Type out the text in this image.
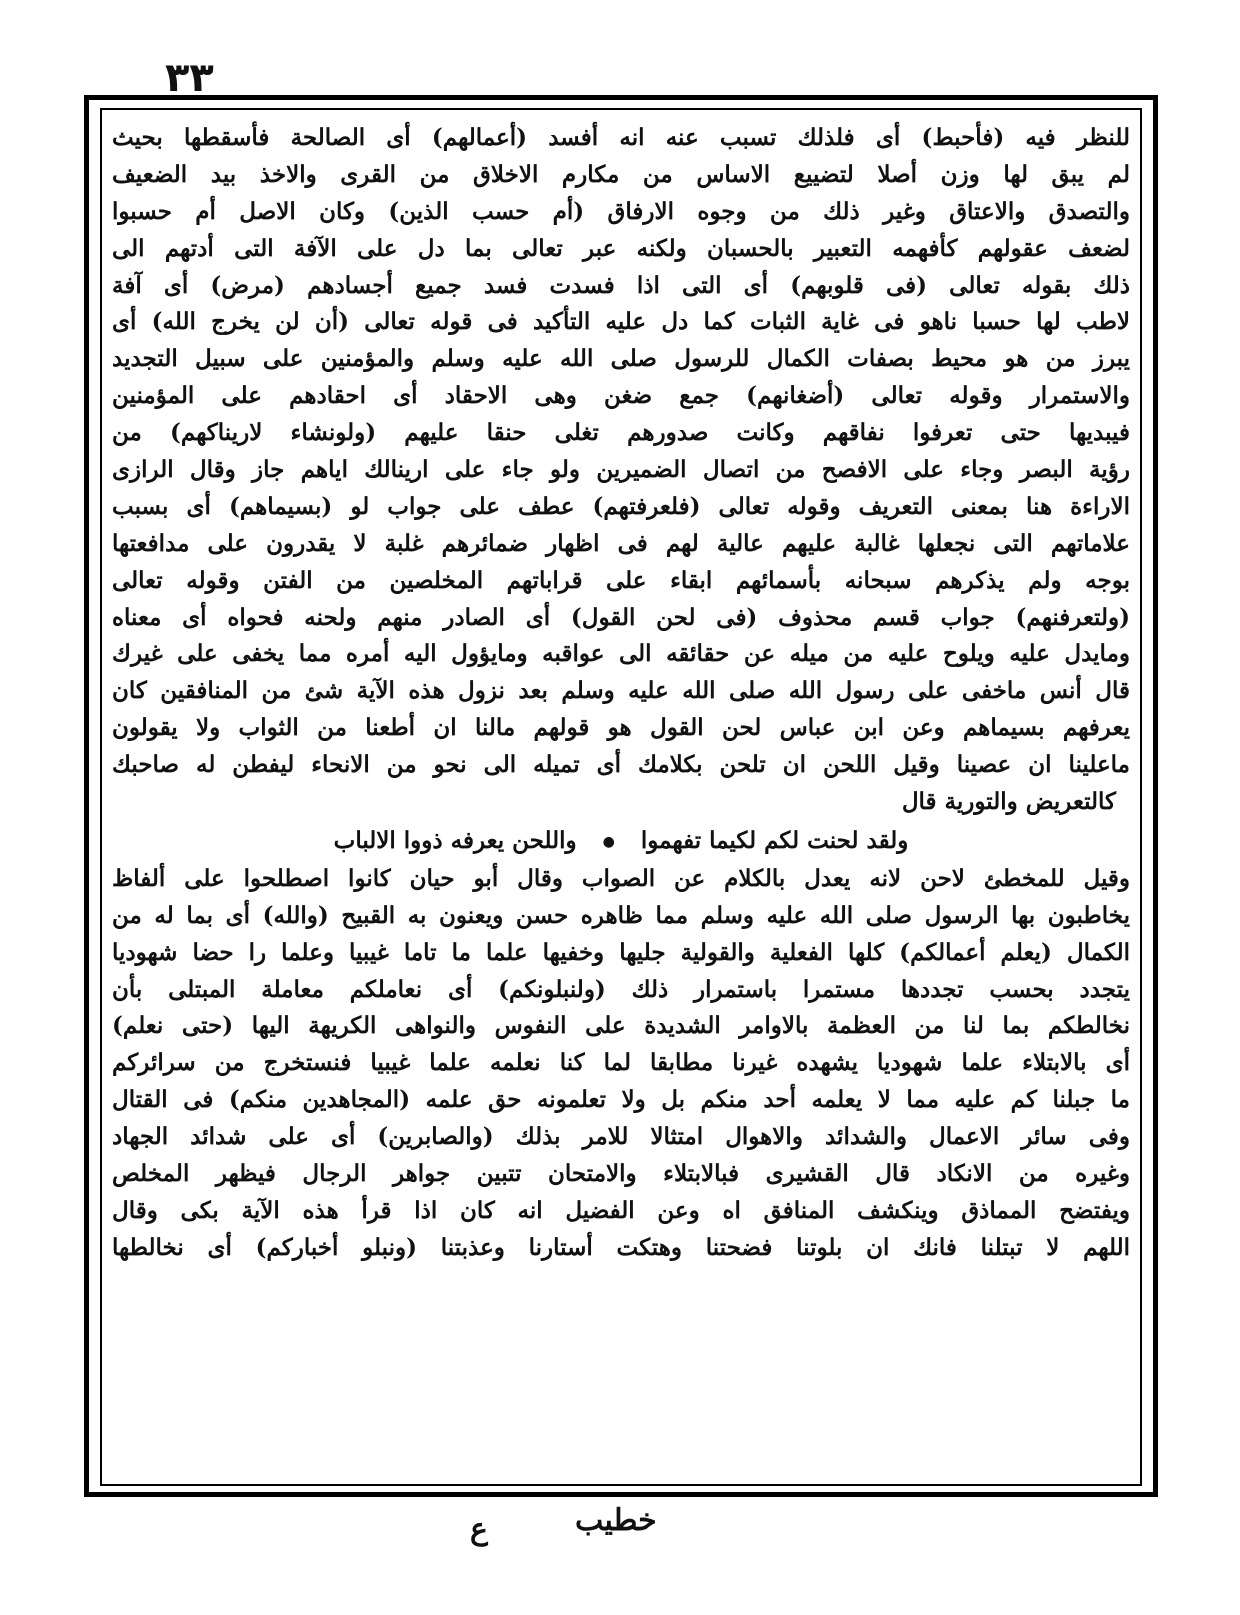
٣٣
للنظر فيه (فأحبط) أى فلذلك تسبب عنه انه أفسد (أعمالهم) أى الصالحة فأسقطها بحيث
لم يبق لها وزن أصلا لتضييع الاساس من مكارم الاخلاق من القرى والاخذ بيد الضعيف
والتصدق والاعتاق وغير ذلك من وجوه الارفاق (أم حسب الذين) وكان الاصل أم حسبوا
لضعف عقولهم كأفهمه التعبير بالحسبان ولكنه عبر تعالى بما دل على الآفة التى أدتهم الى
ذلك بقوله تعالى (فى قلوبهم) أى التى اذا فسدت فسد جميع أجسادهم (مرض) أى آفة
لاطب لها حسبا ناهو فى غاية الثبات كما دل عليه التأكيد فى قوله تعالى (أن لن يخرج الله) أى
يبرز من هو محيط بصفات الكمال للرسول صلى الله عليه وسلم والمؤمنين على سبيل التجديد
والاستمرار وقوله تعالى (أضغانهم) جمع ضغن وهى الاحقاد أى احقادهم على المؤمنين
فيبديها حتى تعرفوا نفاقهم وكانت صدورهم تغلى حنقا عليهم (ولونشاء لاريناكهم) من
رؤية البصر وجاء على الافصح من اتصال الضميرين ولو جاء على ارينالك اياهم جاز وقال الرازى
الاراءة هنا بمعنى التعريف وقوله تعالى (فلعرفتهم) عطف على جواب لو (بسيماهم) أى بسبب
علاماتهم التى نجعلها غالبة عليهم عالية لهم فى اظهار ضمائرهم غلبة لا يقدرون على مدافعتها
بوجه ولم يذكرهم سبحانه بأسمائهم ابقاء على قراباتهم المخلصين من الفتن وقوله تعالى
(ولتعرفنهم) جواب قسم محذوف (فى لحن القول) أى الصادر منهم ولحنه فحواه أى معناه
ومايدل عليه ويلوح عليه من ميله عن حقائقه الى عواقبه ومايؤول اليه أمره مما يخفى على غيرك
قال أنس ماخفى على رسول الله صلى الله عليه وسلم بعد نزول هذه الآية شئ من المنافقين كان
يعرفهم بسيماهم وعن ابن عباس لحن القول هو قولهم مالنا ان أطعنا من الثواب ولا يقولون
ماعلينا ان عصينا وقيل اللحن ان تلحن بكلامك أى تميله الى نحو من الانحاء ليفطن له صاحبك
كالتعريض والتورية قال
ولقد لحنت لكم لكيما تفهموا ● واللحن يعرفه ذووا الالباب
وقيل للمخطئ لاحن لانه يعدل بالكلام عن الصواب وقال أبو حيان كانوا اصطلحوا على ألفاظ
يخاطبون بها الرسول صلى الله عليه وسلم مما ظاهره حسن ويعنون به القبيح (والله) أى بما له من
الكمال (يعلم أعمالكم) كلها الفعلية والقولية جليها وخفيها علما ما تاما غيبيا وعلما را حضا شهوديا
يتجدد بحسب تجددها مستمرا باستمرار ذلك (ولنبلونكم) أى نعاملكم معاملة المبتلى بأن
نخالطكم بما لنا من العظمة بالاوامر الشديدة على النفوس والنواهى الكريهة اليها (حتى نعلم)
أى بالابتلاء علما شهوديا يشهده غيرنا مطابقا لما كنا نعلمه علما غيبيا فنستخرج من سرائركم
ما جبلنا كم عليه مما لا يعلمه أحد منكم بل ولا تعلمونه حق علمه (المجاهدين منكم) فى القتال
وفى سائر الاعمال والشدائد والاهوال امتثالا للامر بذلك (والصابرين) أى على شدائد الجهاد
وغيره من الانكاد قال القشيرى فبالابتلاء والامتحان تتبين جواهر الرجال فيظهر المخلص
ويفتضح المماذق وينكشف المنافق اه وعن الفضيل انه كان اذا قرأ هذه الآية بكى وقال
اللهم لا تبتلنا فانك ان بلوتنا فضحتنا وهتكت أستارنا وعذبتنا (ونبلو أخباركم) أى نخالطها
خطيب
ع
